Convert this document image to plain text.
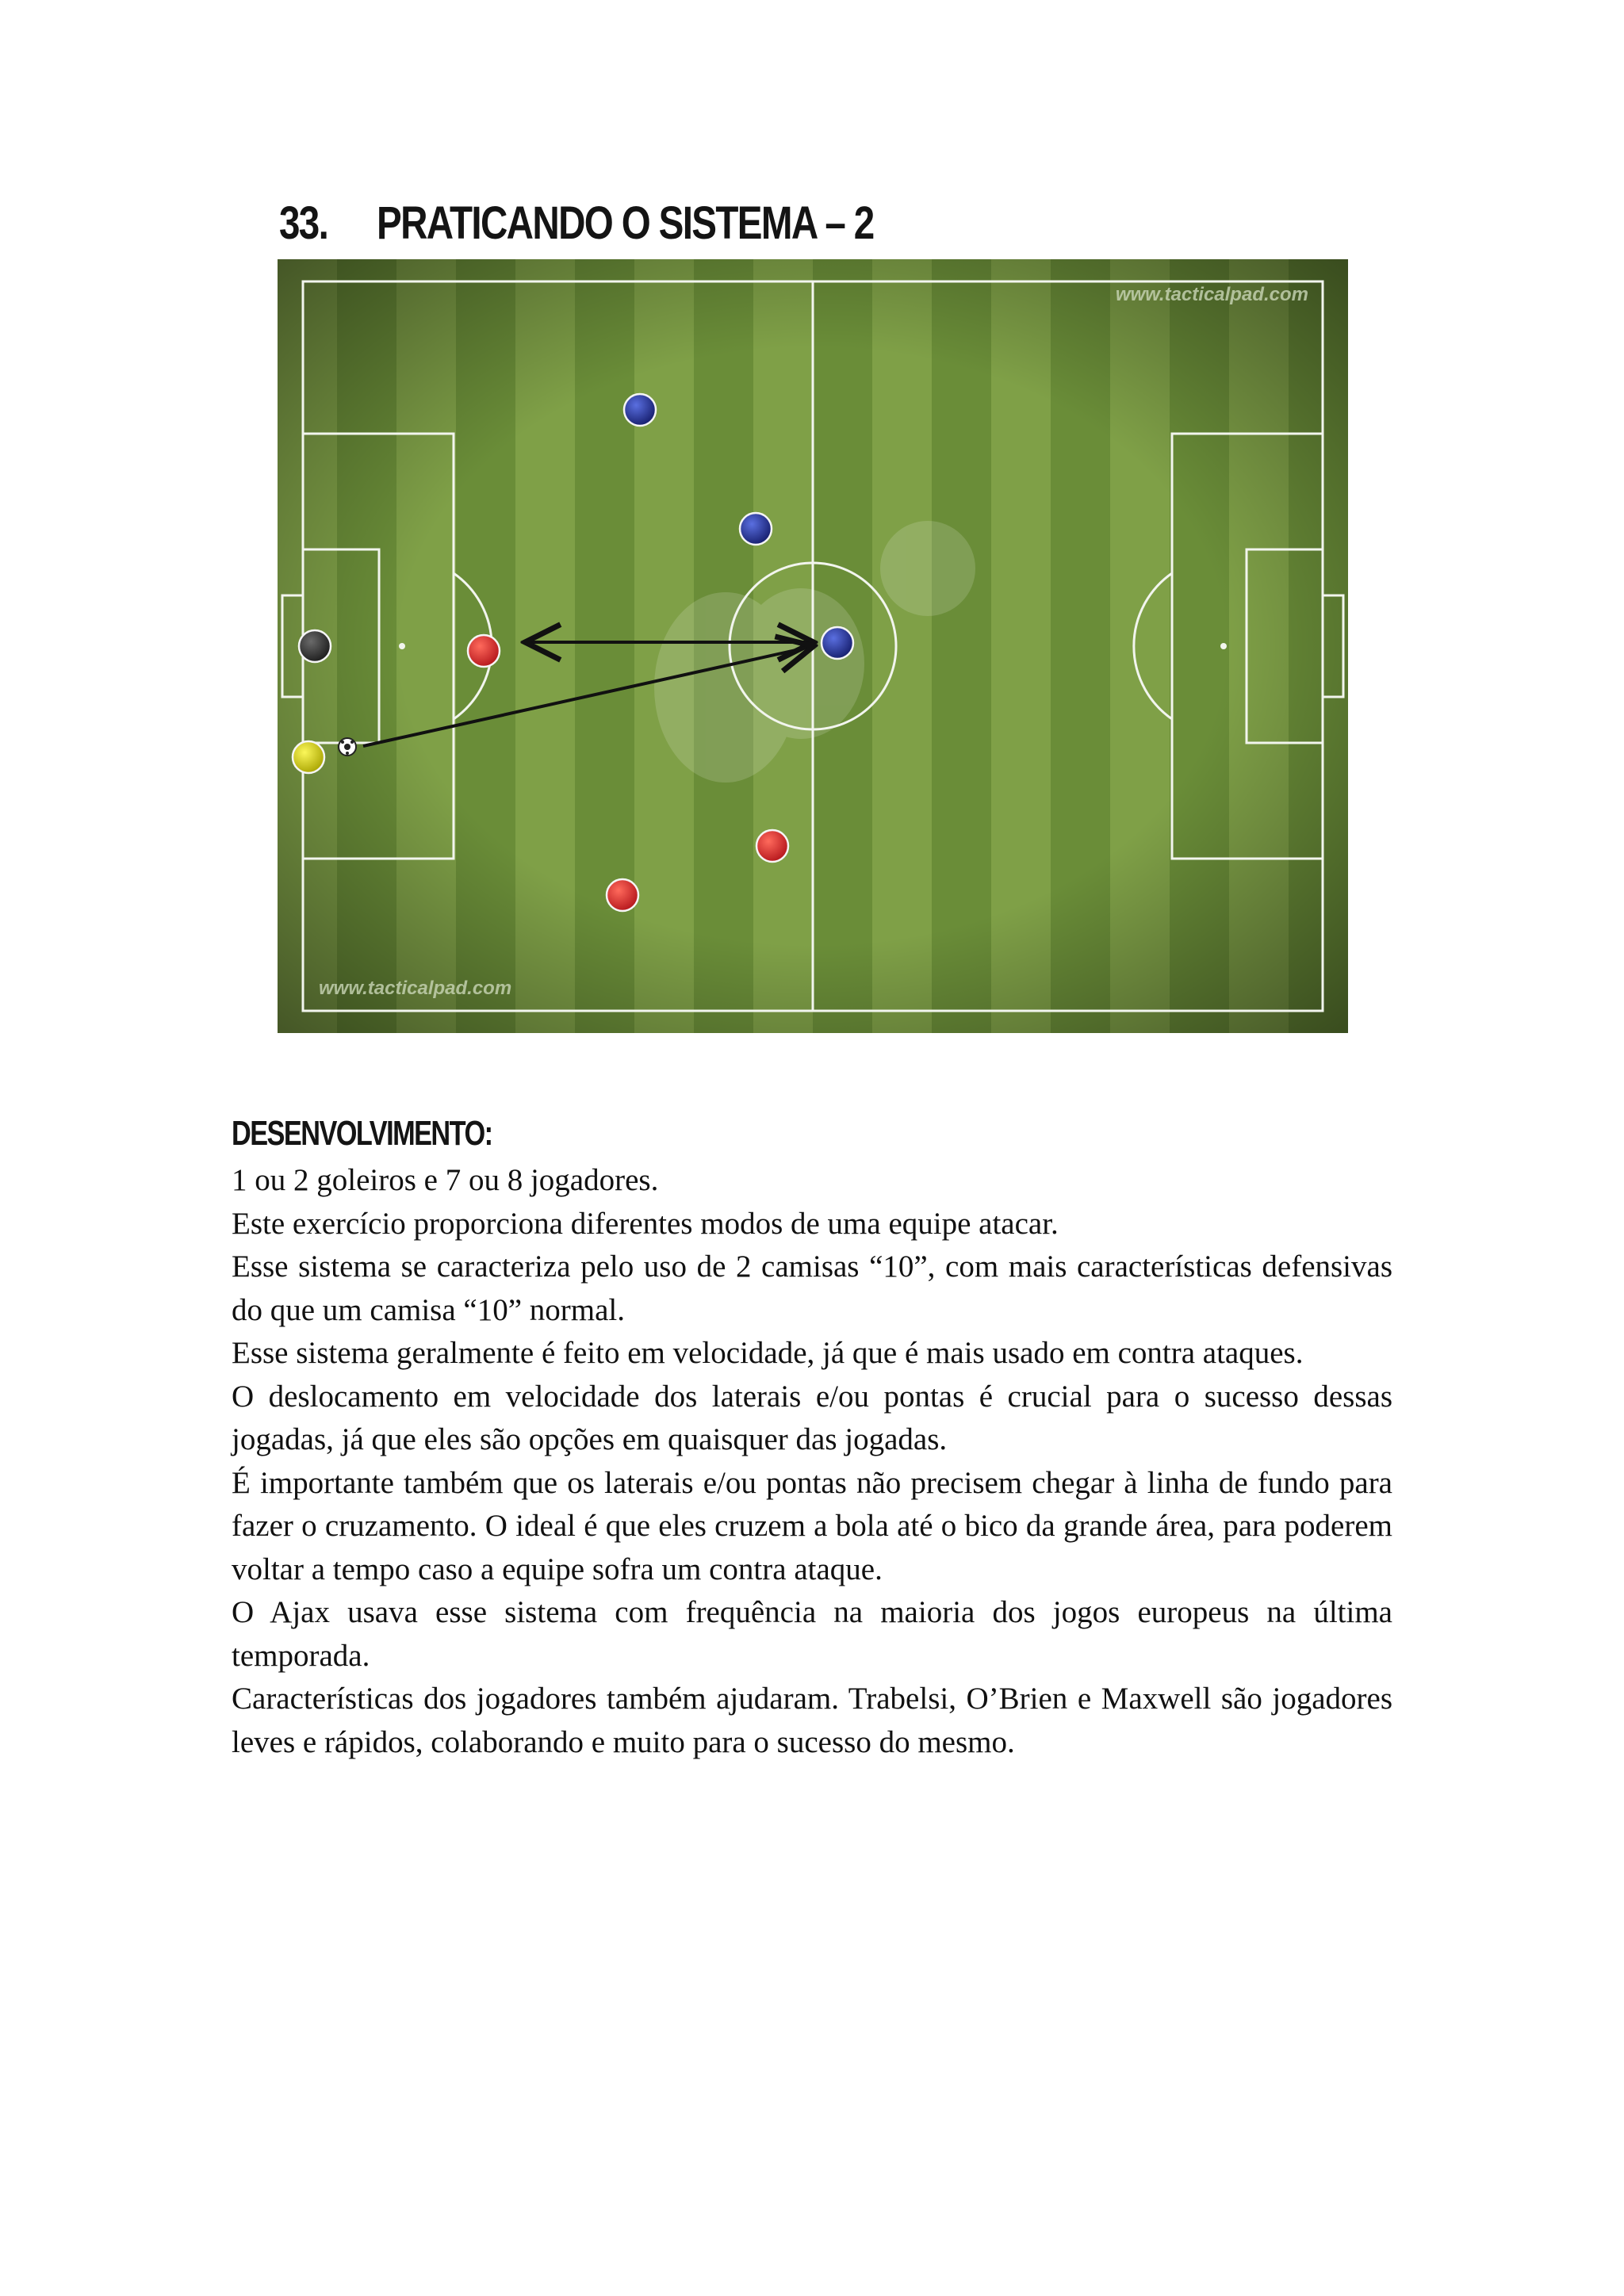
33. PRATICANDO O SISTEMA – 2
www.tacticalpad.com
www.tacticalpad.com
DESENVOLVIMENTO:

1 ou 2 goleiros e 7 ou 8 jogadores.

Este exercício proporciona diferentes modos de uma equipe atacar.

Esse sistema se caracteriza pelo uso de 2 camisas “10”, com mais características defensivas do que um camisa “10” normal.

Esse sistema geralmente é feito em velocidade, já que é mais usado em contra ataques.

O deslocamento em velocidade dos laterais e/ou pontas é crucial para o sucesso dessas jogadas, já que eles são opções em quaisquer das jogadas.

É importante também que os laterais e/ou pontas não precisem chegar à linha de fundo para fazer o cruzamento. O ideal é que eles cruzem a bola até o bico da grande área, para poderem voltar a tempo caso a equipe sofra um contra ataque.

O Ajax usava esse sistema com frequência na maioria dos jogos europeus na última temporada.

Características dos jogadores também ajudaram. Trabelsi, O’Brien e Maxwell são jogadores leves e rápidos, colaborando e muito para o sucesso do mesmo.
